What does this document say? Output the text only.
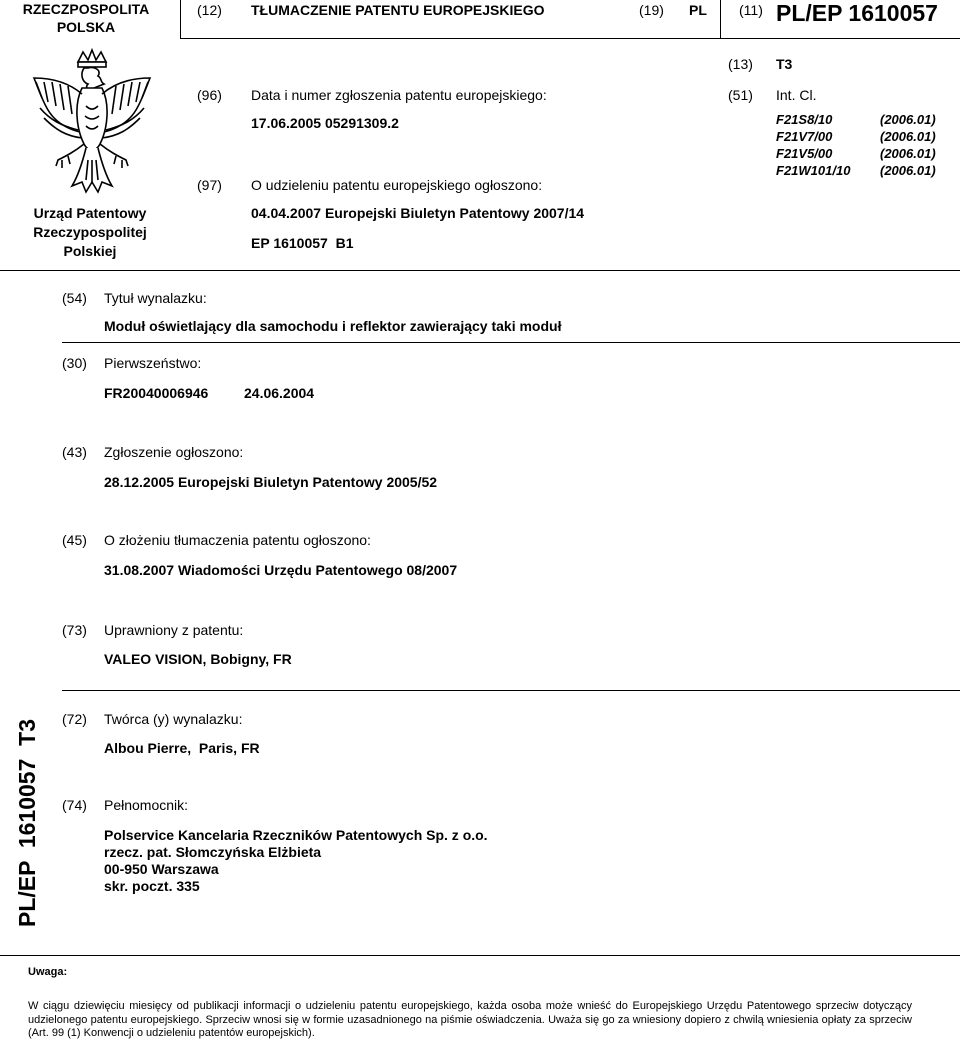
RZECZPOSPOLITA POLSKA
(12) TŁUMACZENIE PATENTU EUROPEJSKIEGO	(19) PL (11) PL/EP 1610057
(13) T3
Urząd Patentowy
Rzeczypospolitej
Polskiej
(96) Data i numer zgłoszenia patentu europejskiego:
17.06.2005 05291309.2
(97) O udzieleniu patentu europejskiego ogłoszono:
04.04.2007 Europejski Biuletyn Patentowy 2007/14
EP 1610057  B1
(51) Int. Cl.
F21S8/10	(2006.01)
F21V7/00	(2006.01)
F21V5/00	(2006.01)
F21W101/10 (2006.01)
(54) Tytuł wynalazku:
Moduł oświetlający dla samochodu i reflektor zawierający taki moduł
(30) Pierwszeństwo:
FR20040006946	24.06.2004
(43) Zgłoszenie ogłoszono:
28.12.2005 Europejski Biuletyn Patentowy 2005/52
(45) O złożeniu tłumaczenia patentu ogłoszono:
31.08.2007 Wiadomości Urzędu Patentowego 08/2007
(73) Uprawniony z patentu:
VALEO VISION, Bobigny, FR
(72) Twórca (y) wynalazku:
Albou Pierre,  Paris, FR
(74) Pełnomocnik:
Polservice Kancelaria Rzeczników Patentowych Sp. z o.o.
rzecz. pat. Słomczyńska Elżbieta
00-950 Warszawa
skr. poczt. 335
PL/EP  1610057  T3
Uwaga:
W ciągu dziewięciu miesięcy od publikacji informacji o udzieleniu patentu europejskiego, każda osoba może wnieść do Europejskiego Urzędu Patentowego sprzeciw dotyczący udzielonego patentu europejskiego. Sprzeciw wnosi się w formie uzasadnionego na piśmie oświadczenia. Uważa się go za wniesiony dopiero z chwilą wniesienia opłaty za sprzeciw (Art. 99 (1) Konwencji o udzieleniu patentów europejskich).
